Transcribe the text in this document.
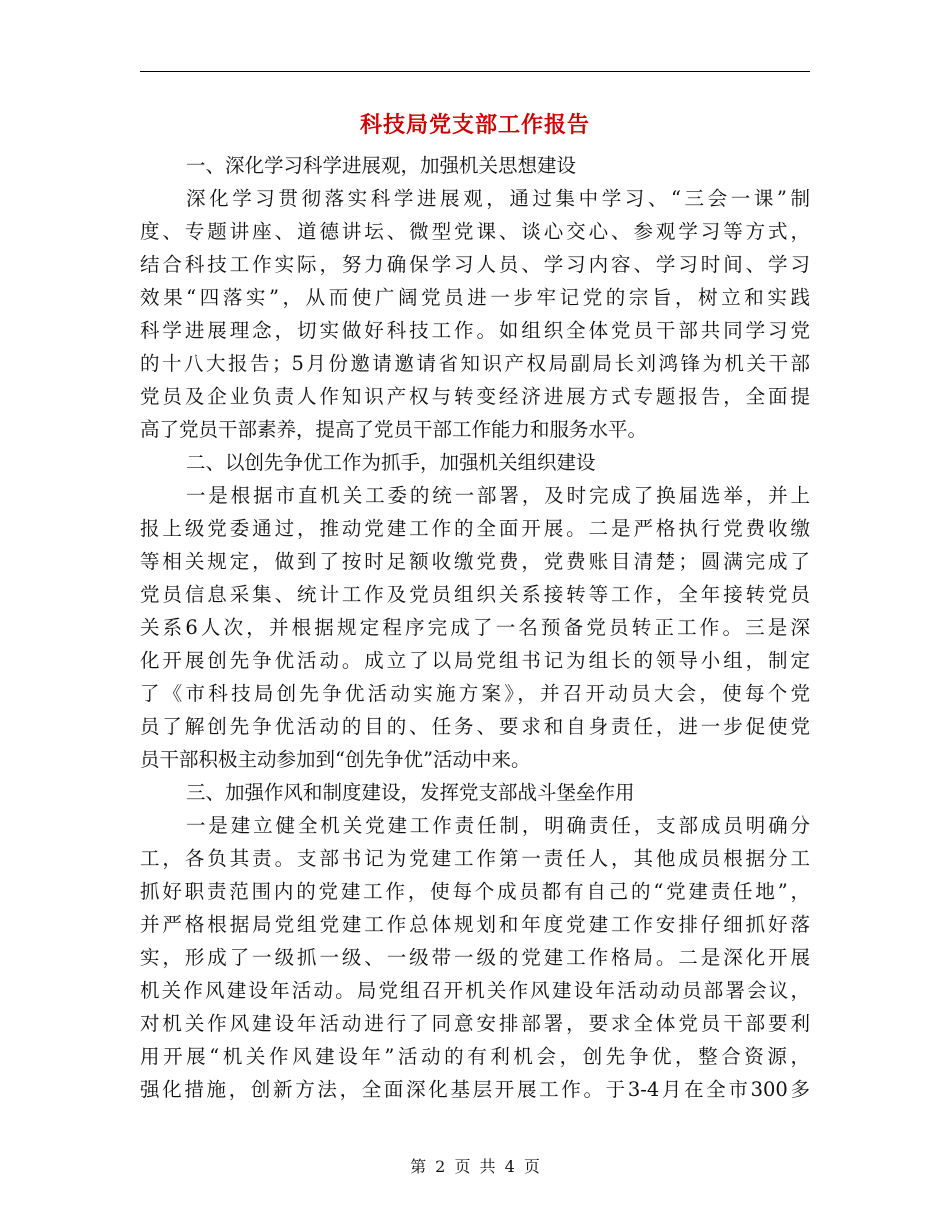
科技局党支部工作报告
一、深化学习科学进展观，加强机关思想建设
深化学习贯彻落实科学进展观，通过集中学习、“三会一课”制
度、专题讲座、道德讲坛、微型党课、谈心交心、参观学习等方式，
结合科技工作实际，努力确保学习人员、学习内容、学习时间、学习
效果“四落实”，从而使广阔党员进一步牢记党的宗旨，树立和实践
科学进展理念，切实做好科技工作。如组织全体党员干部共同学习党
的十八大报告；5月份邀请邀请省知识产权局副局长刘鸿锋为机关干部
党员及企业负责人作知识产权与转变经济进展方式专题报告，全面提
高了党员干部素养，提高了党员干部工作能力和服务水平。
二、以创先争优工作为抓手，加强机关组织建设
一是根据市直机关工委的统一部署，及时完成了换届选举，并上
报上级党委通过，推动党建工作的全面开展。二是严格执行党费收缴
等相关规定，做到了按时足额收缴党费，党费账目清楚；圆满完成了
党员信息采集、统计工作及党员组织关系接转等工作，全年接转党员
关系6人次，并根据规定程序完成了一名预备党员转正工作。三是深
化开展创先争优活动。成立了以局党组书记为组长的领导小组，制定
了《市科技局创先争优活动实施方案》，并召开动员大会，使每个党
员了解创先争优活动的目的、任务、要求和自身责任，进一步促使党
员干部积极主动参加到“创先争优”活动中来。
三、加强作风和制度建设，发挥党支部战斗堡垒作用
一是建立健全机关党建工作责任制，明确责任，支部成员明确分
工，各负其责。支部书记为党建工作第一责任人，其他成员根据分工
抓好职责范围内的党建工作，使每个成员都有自己的“党建责任地”，
并严格根据局党组党建工作总体规划和年度党建工作安排仔细抓好落
实，形成了一级抓一级、一级带一级的党建工作格局。二是深化开展
机关作风建设年活动。局党组召开机关作风建设年活动动员部署会议，
对机关作风建设年活动进行了同意安排部署，要求全体党员干部要利
用开展“机关作风建设年”活动的有利机会，创先争优，整合资源，
强化措施，创新方法，全面深化基层开展工作。于3-4月在全市300多
第 2 页 共 4 页
